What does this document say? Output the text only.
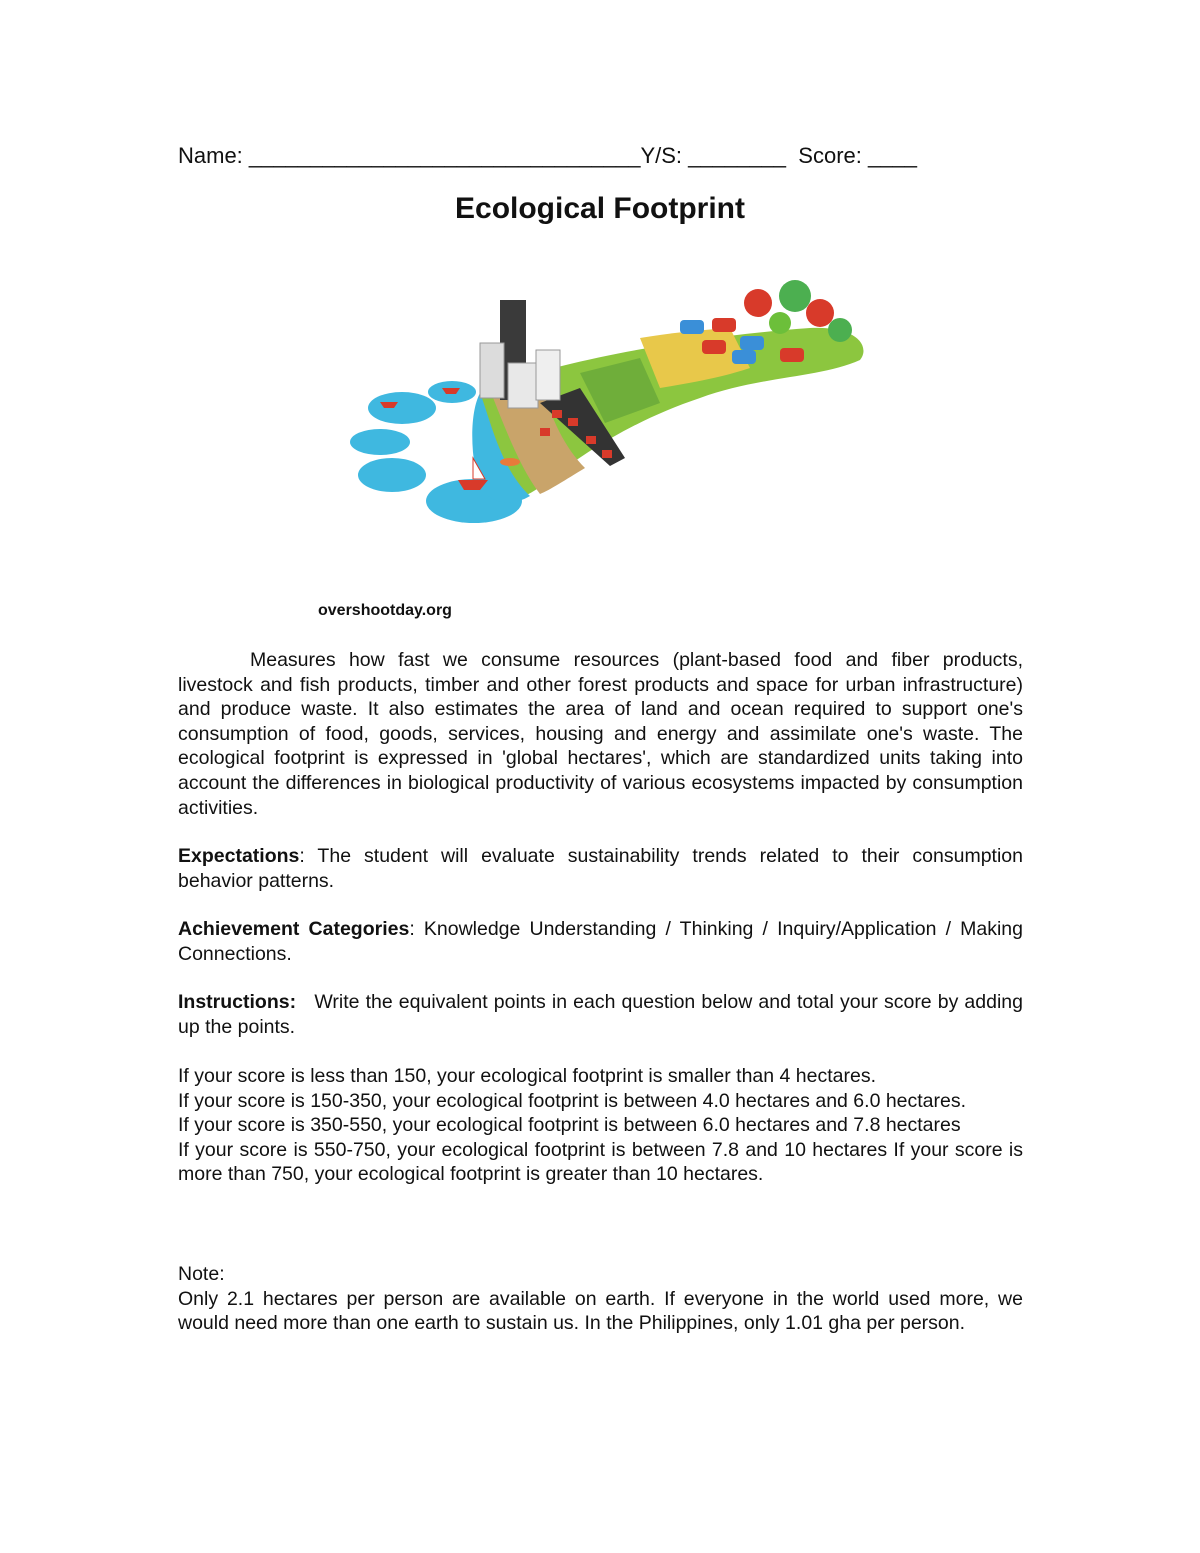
Name: ________________________________Y/S: ________ Score: ____
Ecological Footprint
overshootday.org

Measures how fast we consume resources (plant-based food and fiber products, livestock and fish products, timber and other forest products and space for urban infrastructure) and produce waste. It also estimates the area of land and ocean required to support one's consumption of food, goods, services, housing and energy and assimilate one's waste. The ecological footprint is expressed in 'global hectares', which are standardized units taking into account the differences in biological productivity of various ecosystems impacted by consumption activities.

Expectations: The student will evaluate sustainability trends related to their consumption behavior patterns.

Achievement Categories: Knowledge Understanding / Thinking / Inquiry/Application / Making Connections.

Instructions: Write the equivalent points in each question below and total your score by adding up the points.

If your score is less than 150, your ecological footprint is smaller than 4 hectares.

If your score is 150-350, your ecological footprint is between 4.0 hectares and 6.0 hectares.

If your score is 350-550, your ecological footprint is between 6.0 hectares and 7.8 hectares

If your score is 550-750, your ecological footprint is between 7.8 and 10 hectares If your score is more than 750, your ecological footprint is greater than 10 hectares.

Note:

Only 2.1 hectares per person are available on earth. If everyone in the world used more, we would need more than one earth to sustain us. In the Philippines, only 1.01 gha per person.
